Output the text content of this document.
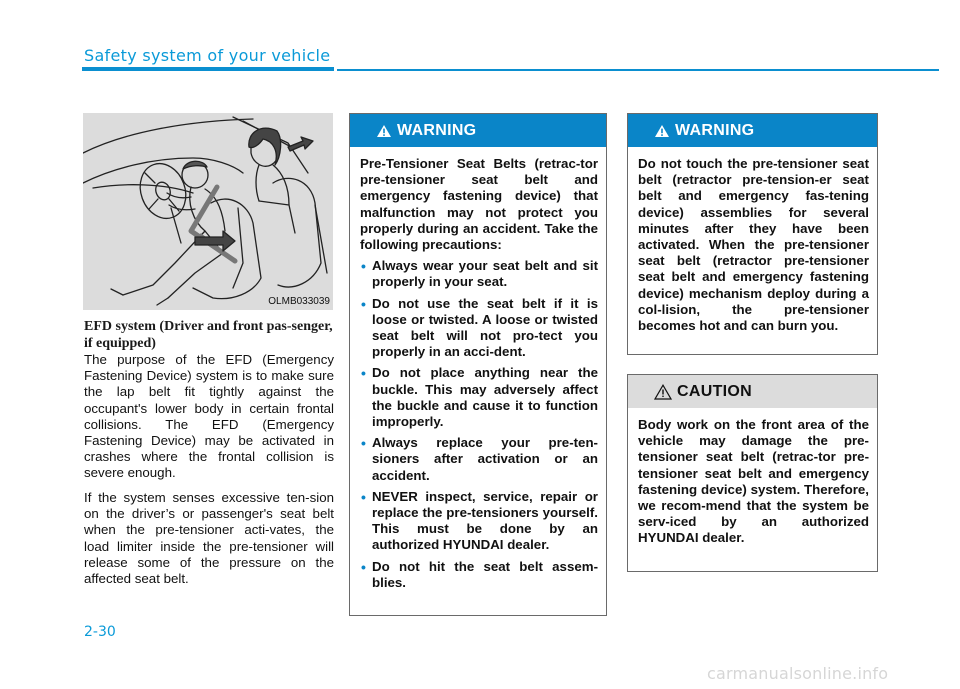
Safety system of your vehicle
OLMB033039
EFD system (Driver and front pas-senger, if equipped)
The purpose of the EFD (Emergency Fastening Device) system is to make sure the lap belt fit tightly against the occupant's lower body in certain frontal collisions. The EFD (Emergency Fastening Device) may be activated in crashes where the frontal collision is severe enough.
If the system senses excessive ten-sion on the driver’s or passenger's seat belt when the pre-tensioner acti-vates, the load limiter inside the pre-tensioner will release some of the pressure on the affected seat belt.
WARNING

Pre-Tensioner Seat Belts (retrac-tor pre-tensioner seat belt and emergency fastening device) that malfunction may not protect you properly during an accident. Take the following precautions:

• Always wear your seat belt and sit properly in your seat.
• Do not use the seat belt if it is loose or twisted. A loose or twisted seat belt will not pro-tect you properly in an acci-dent.
• Do not place anything near the buckle. This may adversely affect the buckle and cause it to function improperly.
• Always replace your pre-ten-sioners after activation or an accident.
• NEVER inspect, service, repair or replace the pre-tensioners yourself. This must be done by an authorized HYUNDAI dealer.
• Do not hit the seat belt assem-blies.
WARNING

Do not touch the pre-tensioner seat belt (retractor pre-tension-er seat belt and emergency fas-tening device) assemblies for several minutes after they have been activated. When the pre-tensioner seat belt (retractor pre-tensioner seat belt and emergency fastening device) mechanism deploy during a col-lision, the pre-tensioner becomes hot and can burn you.

CAUTION

Body work on the front area of the vehicle may damage the pre-tensioner seat belt (retrac-tor pre-tensioner seat belt and emergency fastening device) system. Therefore, we recom-mend that the system be serv-iced by an authorized HYUNDAI dealer.

2-30
carmanualsonline.info
